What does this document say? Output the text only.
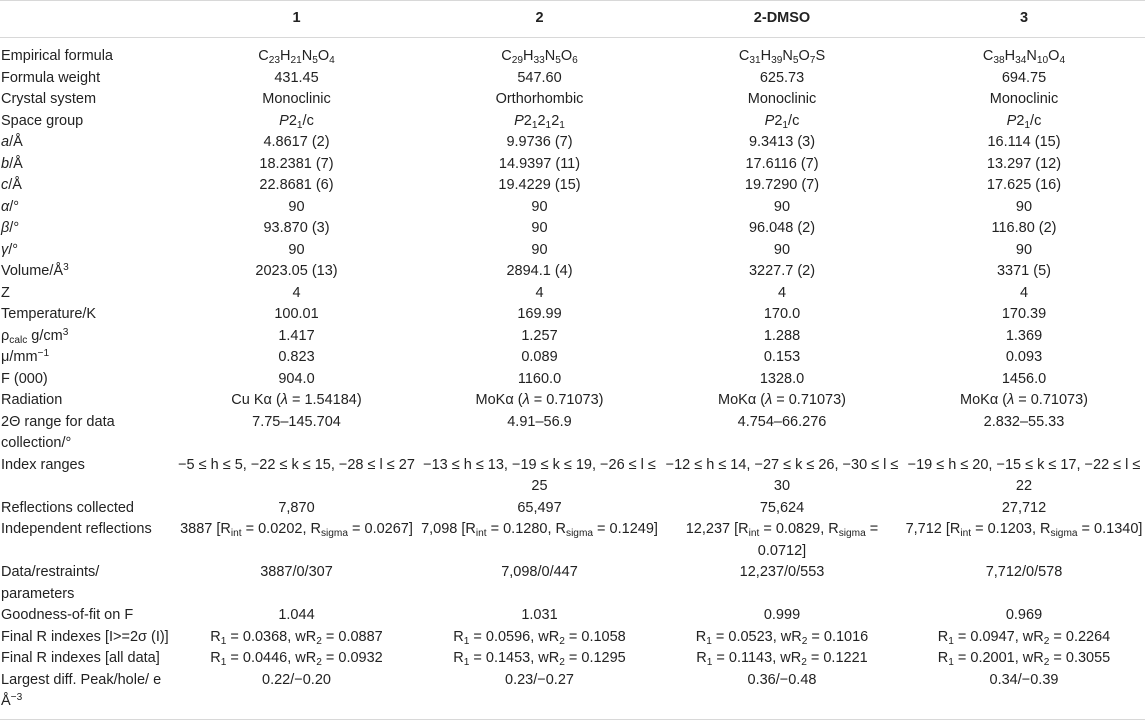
	1	2	2-DMSO	3
Empirical formula	$C_{23}H_{21}N_5O_4$	$C_{29}H_{33}N_5O_6$	$C_{31}H_{39}N_5O_7S$	$C_{38}H_{34}N_{10}O_4$
Formula weight	431.45	547.60	625.73	694.75
Crystal system	Monoclinic	Orthorhombic	Monoclinic	Monoclinic
Space group	$P2_1/c$	$P2_12_12_1$	$P2_1/c$	$P2_1/c$
a/Å	4.8617 (2)	9.9736 (7)	9.3413 (3)	16.114 (15)
b/Å	18.2381 (7)	14.9397 (11)	17.6116 (7)	13.297 (12)
c/Å	22.8681 (6)	19.4229 (15)	19.7290 (7)	17.625 (16)
α/°	90	90	90	90
β/°	93.870 (3)	90	96.048 (2)	116.80 (2)
γ/°	90	90	90	90
Volume/$Å^3$	2023.05 (13)	2894.1 (4)	3227.7 (2)	3371 (5)
Z	4	4	4	4
Temperature/K	100.01	169.99	170.0	170.39
$\rho_{calc}$ $g/cm^3$	1.417	1.257	1.288	1.369
$\mu/mm^{-1}$	0.823	0.089	0.153	0.093
F (000)	904.0	1160.0	1328.0	1456.0
Radiation	Cu Kα (λ = 1.54184)	MoKα (λ = 0.71073)	MoKα (λ = 0.71073)	MoKα (λ = 0.71073)
2Θ range for data collection/°	7.75–145.704	4.91–56.9	4.754–66.276	2.832–55.33
Index ranges	−5 ≤ h ≤ 5, −22 ≤ k ≤ 15, −28 ≤ l ≤ 27	−13 ≤ h ≤ 13, −19 ≤ k ≤ 19, −26 ≤ l ≤ 25	−12 ≤ h ≤ 14, −27 ≤ k ≤ 26, −30 ≤ l ≤ 30	−19 ≤ h ≤ 20, −15 ≤ k ≤ 17, −22 ≤ l ≤ 22
Reflections collected	7,870	65,497	75,624	27,712
Independent reflections	3887 [$R_{int} = 0.0202$, $R_{sigma} = 0.0267$]	7,098 [$R_{int} = 0.1280$, $R_{sigma} = 0.1249$]	12,237 [$R_{int} = 0.0829$, $R_{sigma} = 0.0712$]	7,712 [$R_{int} = 0.1203$, $R_{sigma} = 0.1340$]
Data/restraints/ parameters	3887/0/307	7,098/0/447	12,237/0/553	7,712/0/578
Goodness-of-fit on F	1.044	1.031	0.999	0.969
Final R indexes [I>=2σ (I)]	$R_1 = 0.0368$, $wR_2 = 0.0887$	$R_1 = 0.0596$, $wR_2 = 0.1058$	$R_1 = 0.0523$, $wR_2 = 0.1016$	$R_1 = 0.0947$, $wR_2 = 0.2264$
Final R indexes [all data]	$R_1 = 0.0446$, $wR_2 = 0.0932$	$R_1 = 0.1453$, $wR_2 = 0.1295$	$R_1 = 0.1143$, $wR_2 = 0.1221$	$R_1 = 0.2001$, $wR_2 = 0.3055$
Largest diff. Peak/hole/ e $Å^{-3}$	0.22/−0.20	0.23/−0.27	0.36/−0.48	0.34/−0.39
